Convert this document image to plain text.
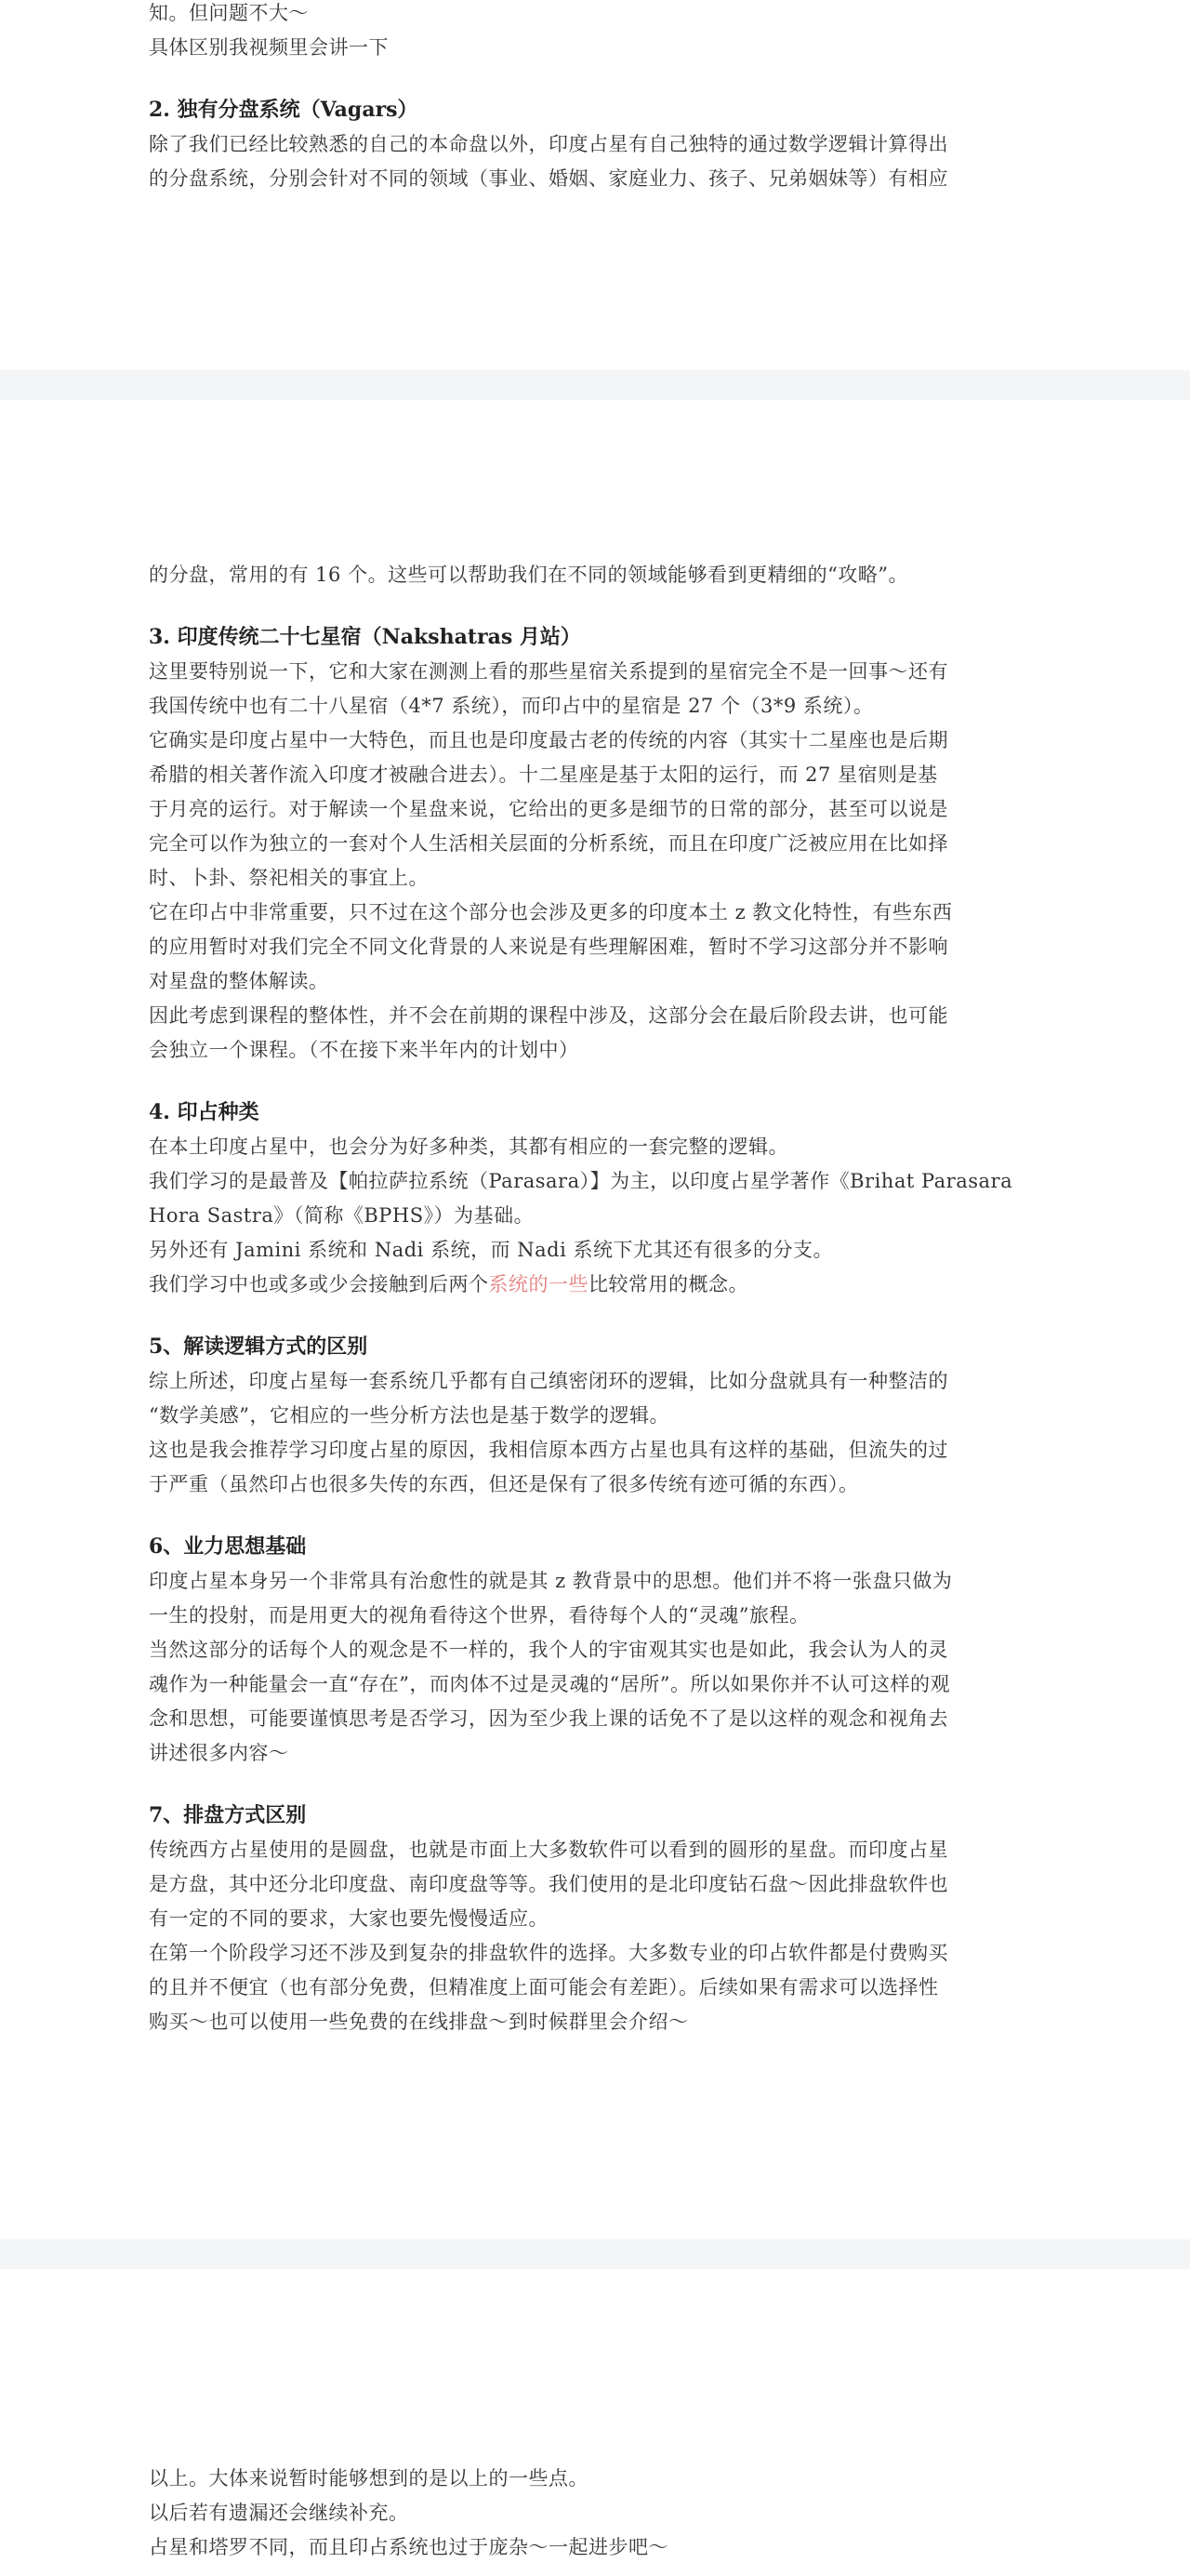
知。但问题不大～

具体区别我视频里会讲一下

2. 独有分盘系统（Vagars）

除了我们已经比较熟悉的自己的本命盘以外，印度占星有自己独特的通过数学逻辑计算得出

的分盘系统，分别会针对不同的领域（事业、婚姻、家庭业力、孩子、兄弟姻妹等）有相应

的分盘，常用的有 16 个。这些可以帮助我们在不同的领域能够看到更精细的“攻略”。

3. 印度传统二十七星宿（Nakshatras 月站）

这里要特别说一下，它和大家在测测上看的那些星宿关系提到的星宿完全不是一回事～还有

我国传统中也有二十八星宿（4*7 系统），而印占中的星宿是 27 个（3*9 系统）。

它确实是印度占星中一大特色，而且也是印度最古老的传统的内容（其实十二星座也是后期

希腊的相关著作流入印度才被融合进去）。十二星座是基于太阳的运行，而 27 星宿则是基

于月亮的运行。对于解读一个星盘来说，它给出的更多是细节的日常的部分，甚至可以说是

完全可以作为独立的一套对个人生活相关层面的分析系统，而且在印度广泛被应用在比如择

时、卜卦、祭祀相关的事宜上。

它在印占中非常重要，只不过在这个部分也会涉及更多的印度本土 z 教文化特性，有些东西

的应用暂时对我们完全不同文化背景的人来说是有些理解困难，暂时不学习这部分并不影响

对星盘的整体解读。

因此考虑到课程的整体性，并不会在前期的课程中涉及，这部分会在最后阶段去讲，也可能

会独立一个课程。（不在接下来半年内的计划中）

4. 印占种类

在本土印度占星中，也会分为好多种类，其都有相应的一套完整的逻辑。

我们学习的是最普及【帕拉萨拉系统（Parasara）】为主，以印度占星学著作《Brihat Parasara

Hora Sastra》（简称《BPHS》）为基础。

另外还有 Jamini 系统和 Nadi 系统，而 Nadi 系统下尤其还有很多的分支。

我们学习中也或多或少会接触到后两个系统的一些比较常用的概念。

5、解读逻辑方式的区别

综上所述，印度占星每一套系统几乎都有自己缜密闭环的逻辑，比如分盘就具有一种整洁的

“数学美感”，它相应的一些分析方法也是基于数学的逻辑。

这也是我会推荐学习印度占星的原因，我相信原本西方占星也具有这样的基础，但流失的过

于严重（虽然印占也很多失传的东西，但还是保有了很多传统有迹可循的东西）。

6、业力思想基础

印度占星本身另一个非常具有治愈性的就是其 z 教背景中的思想。他们并不将一张盘只做为

一生的投射，而是用更大的视角看待这个世界，看待每个人的“灵魂”旅程。

当然这部分的话每个人的观念是不一样的，我个人的宇宙观其实也是如此，我会认为人的灵

魂作为一种能量会一直“存在”，而肉体不过是灵魂的“居所”。所以如果你并不认可这样的观

念和思想，可能要谨慎思考是否学习，因为至少我上课的话免不了是以这样的观念和视角去

讲述很多内容～

7、排盘方式区别

传统西方占星使用的是圆盘，也就是市面上大多数软件可以看到的圆形的星盘。而印度占星

是方盘，其中还分北印度盘、南印度盘等等。我们使用的是北印度钻石盘～因此排盘软件也

有一定的不同的要求，大家也要先慢慢适应。

在第一个阶段学习还不涉及到复杂的排盘软件的选择。大多数专业的印占软件都是付费购买

的且并不便宜（也有部分免费，但精准度上面可能会有差距）。后续如果有需求可以选择性

购买～也可以使用一些免费的在线排盘～到时候群里会介绍～

以上。大体来说暂时能够想到的是以上的一些点。

以后若有遗漏还会继续补充。

占星和塔罗不同，而且印占系统也过于庞杂～一起进步吧～
